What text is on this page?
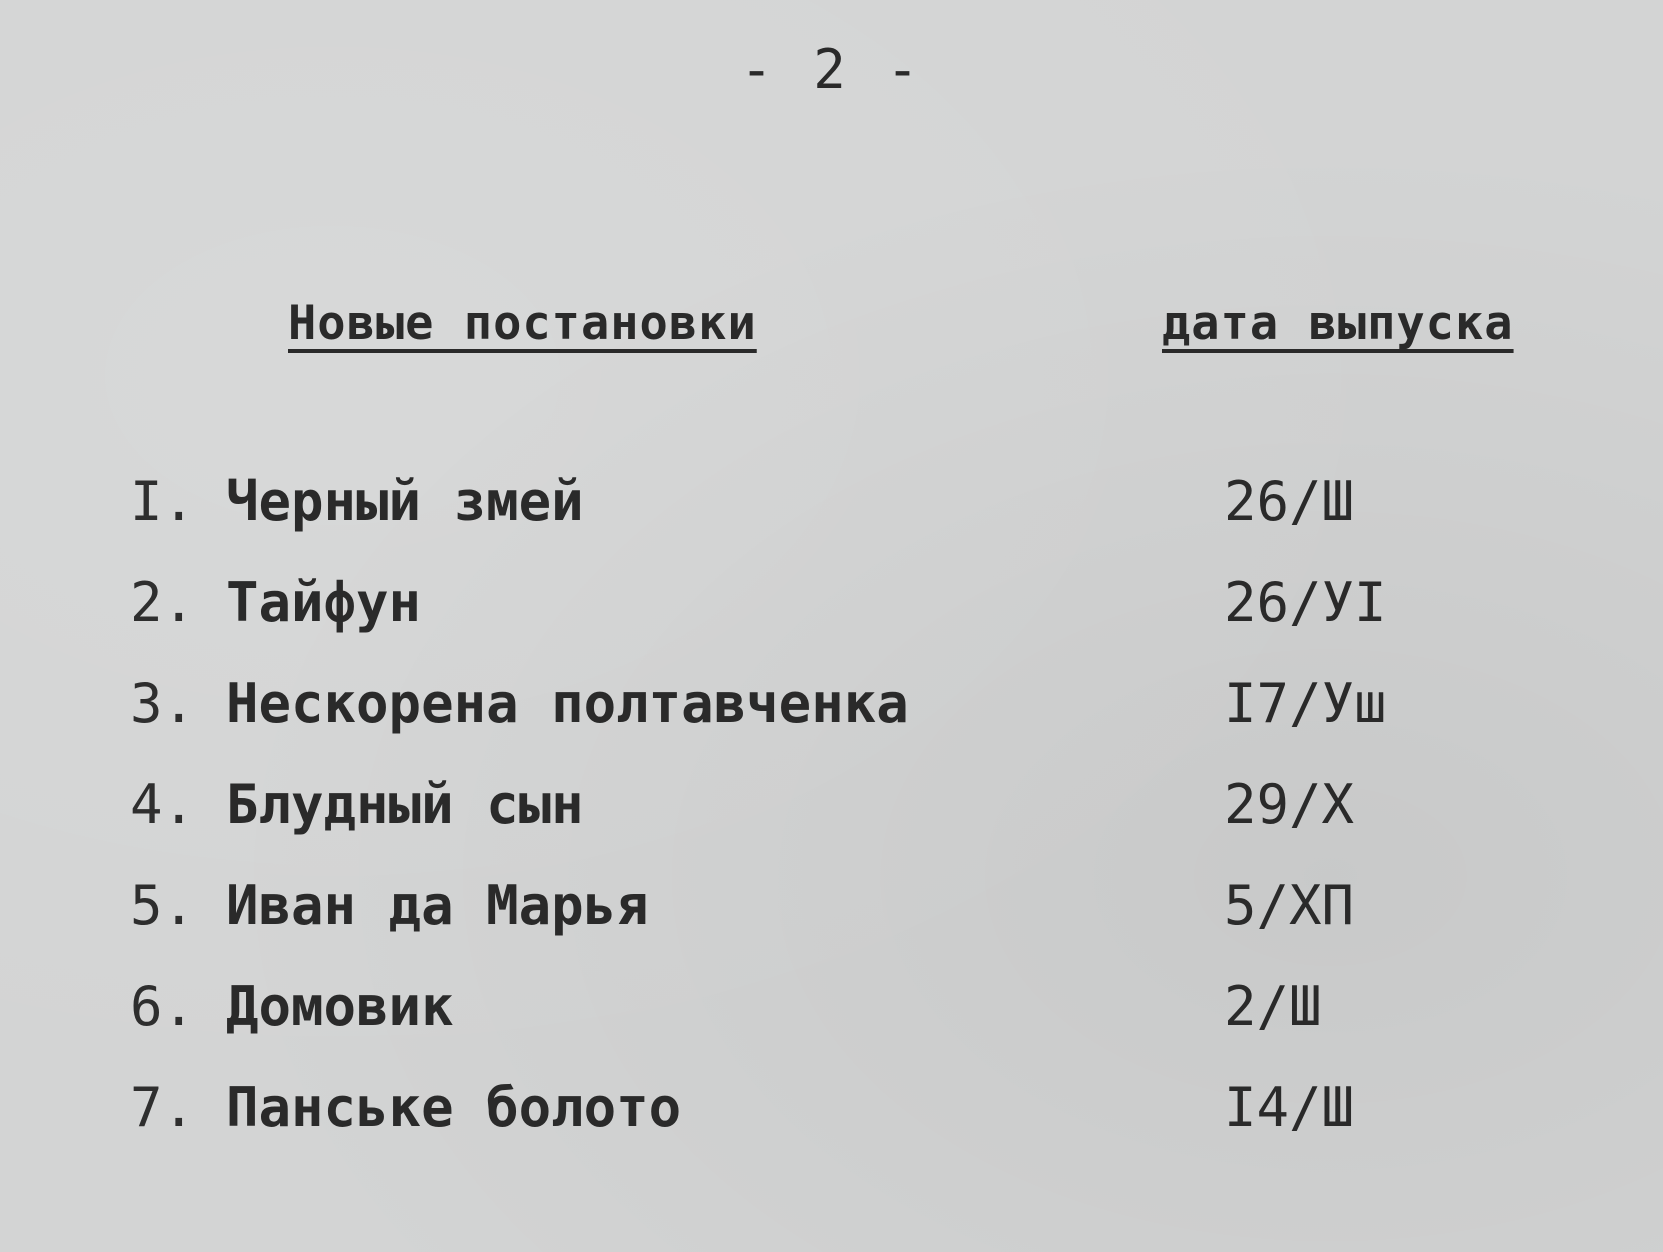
- 2 -
Новые постановки	дата выпуска
I. Черный змей	26/Ш
2. Тайфун	26/УI
3. Нескорена полтавченка	I7/Уш
4. Блудный сын	29/Х
5. Иван да Марья	5/ХП
6. Домовик	2/Ш
7. Панське болото	I4/Ш
